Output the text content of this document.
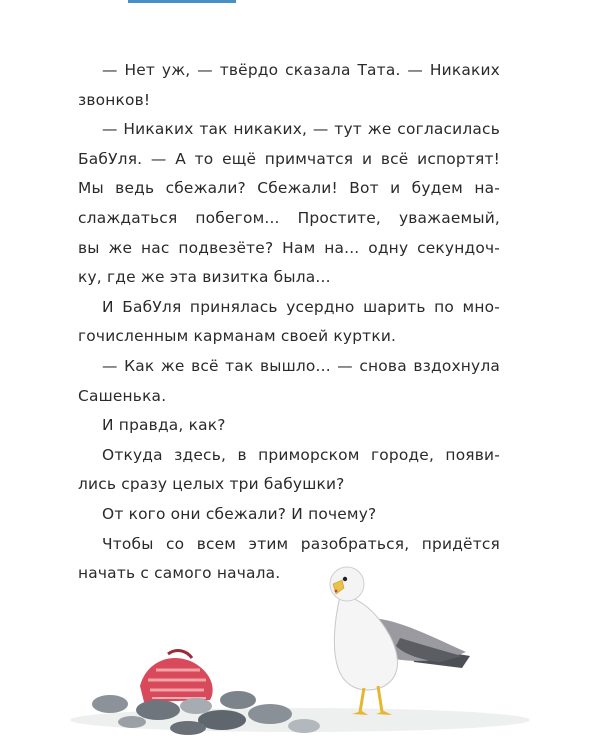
— Нет уж, — твёрдо сказала Тата. — Никаких
звонков!
— Никаких так никаких, — тут же согласилась
БабУля. — А то ещё примчатся и всё испортят!
Мы ведь сбежали? Сбежали! Вот и будем на-
слаждаться побегом... Простите, уважаемый,
вы же нас подвезёте? Нам на... одну секундоч-
ку, где же эта визитка была...
И БабУля принялась усердно шарить по мно-
гочисленным карманам своей куртки.
— Как же всё так вышло... — снова вздохнула
Сашенька.
И правда, как?
Откуда здесь, в приморском городе, появи-
лись сразу целых три бабушки?
От кого они сбежали? И почему?
Чтобы со всем этим разобраться, придётся
начать с самого начала.
